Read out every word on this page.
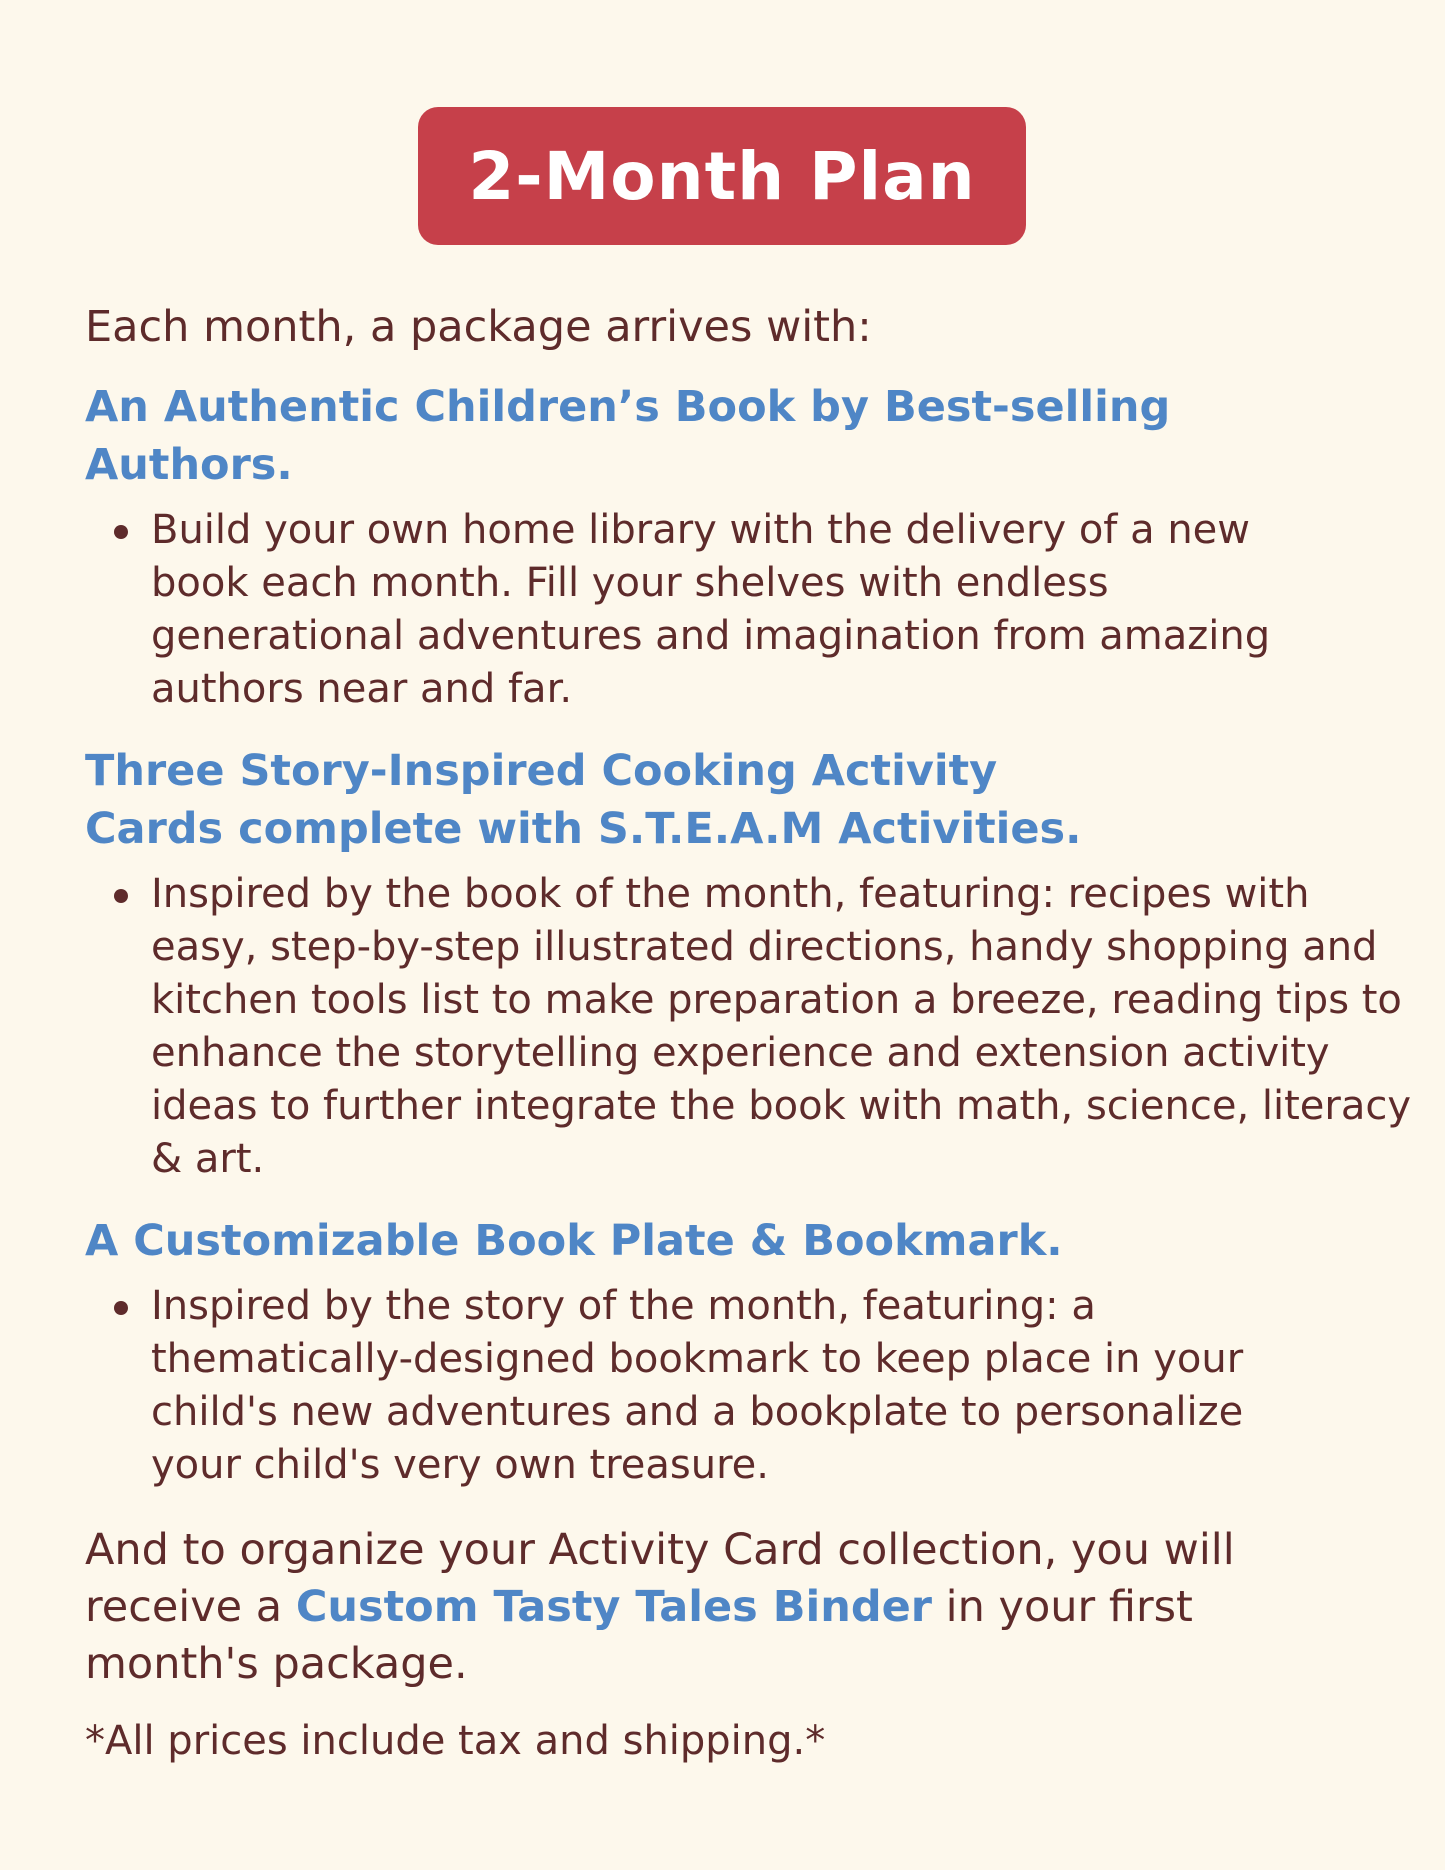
2-Month Plan

Each month, a package arrives with:

An Authentic Children’s Book by Best-selling Authors.
Build your own home library with the delivery of a new book each month. Fill your shelves with endless generational adventures and imagination from amazing authors near and far.
Three Story-Inspired Cooking Activity Cards complete with S.T.E.A.M Activities.
Inspired by the book of the month, featuring: recipes with easy, step-by-step illustrated directions, handy shopping and kitchen tools list to make preparation a breeze, reading tips to enhance the storytelling experience and extension activity ideas to further integrate the book with math, science, literacy & art.
A Customizable Book Plate & Bookmark.
Inspired by the story of the month, featuring: a thematically-designed bookmark to keep place in your child's new adventures and a bookplate to personalize your child's very own treasure.

And to organize your Activity Card collection, you will receive a Custom Tasty Tales Binder in your first month's package.

*All prices include tax and shipping.*
